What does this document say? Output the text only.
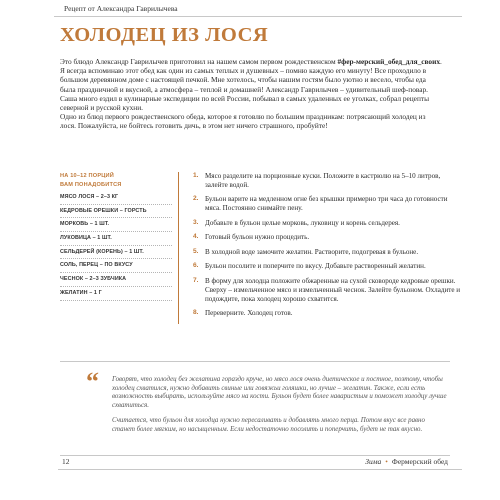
Рецепт от Александра Гаврилычева
ХОЛОДЕЦ ИЗ ЛОСЯ

Это блюдо Александр Гаврилычев приготовил на нашем самом первом рождественском #фер-мерский_обед_для_своих. Я всегда вспоминаю этот обед как один из самых теплых и душевных – помню каждую его минуту! Все проходило в большом деревянном доме с настоящей печкой. Мне хотелось, чтобы нашим гостям было уютно и весело, чтобы еда была праздничной и вкусной, а атмосфера – теплой и домашней! Александр Гаврилычев – удивительный шеф-повар. Саша много ездил в кулинарные экспедиции по всей России, побывал в самых удаленных ее уголках, собрал рецепты северной и русской кухни.

Одно из блюд первого рождественского обеда, которое я готовлю по большим праздникам: потрясающий холодец из лося. Пожалуйста, не бойтесь готовить дичь, в этом нет ничего страшного, пробуйте!

НА 10–12 ПОРЦИЙ
ВАМ ПОНАДОБИТСЯ
МЯСО ЛОСЯ – 2–3 КГ
КЕДРОВЫЕ ОРЕШКИ – ГОРСТЬ
МОРКОВЬ – 1 ШТ.
ЛУКОВИЦА – 1 ШТ.
СЕЛЬДЕРЕЙ (КОРЕНЬ) – 1 ШТ.
СОЛЬ, ПЕРЕЦ – ПО ВКУСУ
ЧЕСНОК – 2–3 ЗУБЧИКА
ЖЕЛАТИН – 1 Г
1. Мясо разделите на порционные куски. Положите в кастрюлю на 5–10 литров, залейте водой.
2. Бульон варите на медленном огне без крышки примерно три часа до готовности мяса. Постоянно снимайте пену.
3. Добавьте в бульон целые морковь, луковицу и корень сельдерея.
4. Готовый бульон нужно процедить.
5. В холодной воде замочите желатин. Растворите, подогревая в бульоне.
6. Бульон посолите и поперчите по вкусу. Добавьте растворенный желатин.
7. В форму для холодца положите обжаренные на сухой сковороде кедровые орешки. Сверху – измельченное мясо и измельченный чеснок. Залейте бульоном. Охладите и подождите, пока холодец хорошо схватится.
8. Переверните. Холодец готов.
“ Говорят, что холодец без желатина гораздо круче, но мясо лося очень диетическое и постное, поэтому, чтобы холодец схватился, нужно добавить свиные или говяжьи голяшки, но лучше – желатин. Также, если есть возможность выбирать, используйте мясо на кости. Бульон будет более наваристым и поможет холодцу лучше схватиться.

Считается, что бульон для холодца нужно пересаливать и добавлять много перца. Потом вкус все равно станет более мягким, но насыщенным. Если недостаточно посолить и поперчить, будет не так вкусно.

12	Зима • Фермерский обед
